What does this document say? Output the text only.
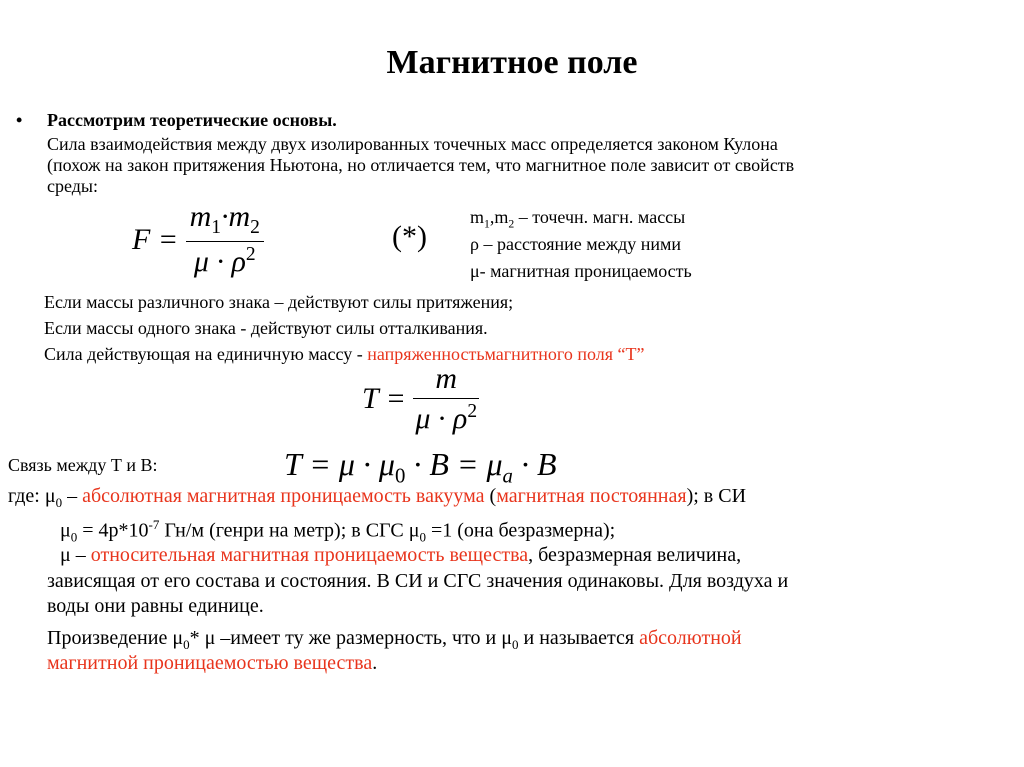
Магнитное поле
• Рассмотрим теоретические основы.
Сила взаимодействия между двух изолированных точечных масс определяется законом Кулона
(похож на закон притяжения Ньютона, но отличается тем, что магнитное поле зависит от свойств
среды:
$F = \frac{m_1\cdot m_2}{\mu \cdot \rho^2}$	(*)
$m_1,m_2$ – точечн. магн. массы
ρ – расстояние между ними
μ- магнитная проницаемость
Если массы различного знака – действуют силы притяжения;
Если массы одного знака - действуют силы отталкивания.
Сила действующая на единичную массу - напряженностьмагнитного поля “Т”
$T = \frac{m}{\mu \cdot \rho^2}$
Связь между Т и В:	$T = \mu \cdot \mu_0 \cdot B = \mu_a \cdot B$
где: $\mu_0$ – абсолютная магнитная проницаемость вакуума (магнитная постоянная); в СИ
$\mu_0 = 4p*10^{-7}$ Гн/м (генри на метр); в СГС $\mu_0 =1$ (она безразмерна);
μ – относительная магнитная проницаемость вещества, безразмерная величина,
зависящая от его состава и состояния. В СИ и СГС значения одинаковы. Для воздуха и
воды они равны единице.
Произведение $\mu_0*$ μ –имеет ту же размерность, что и $\mu_0$ и называется абсолютной
магнитной проницаемостью вещества.
